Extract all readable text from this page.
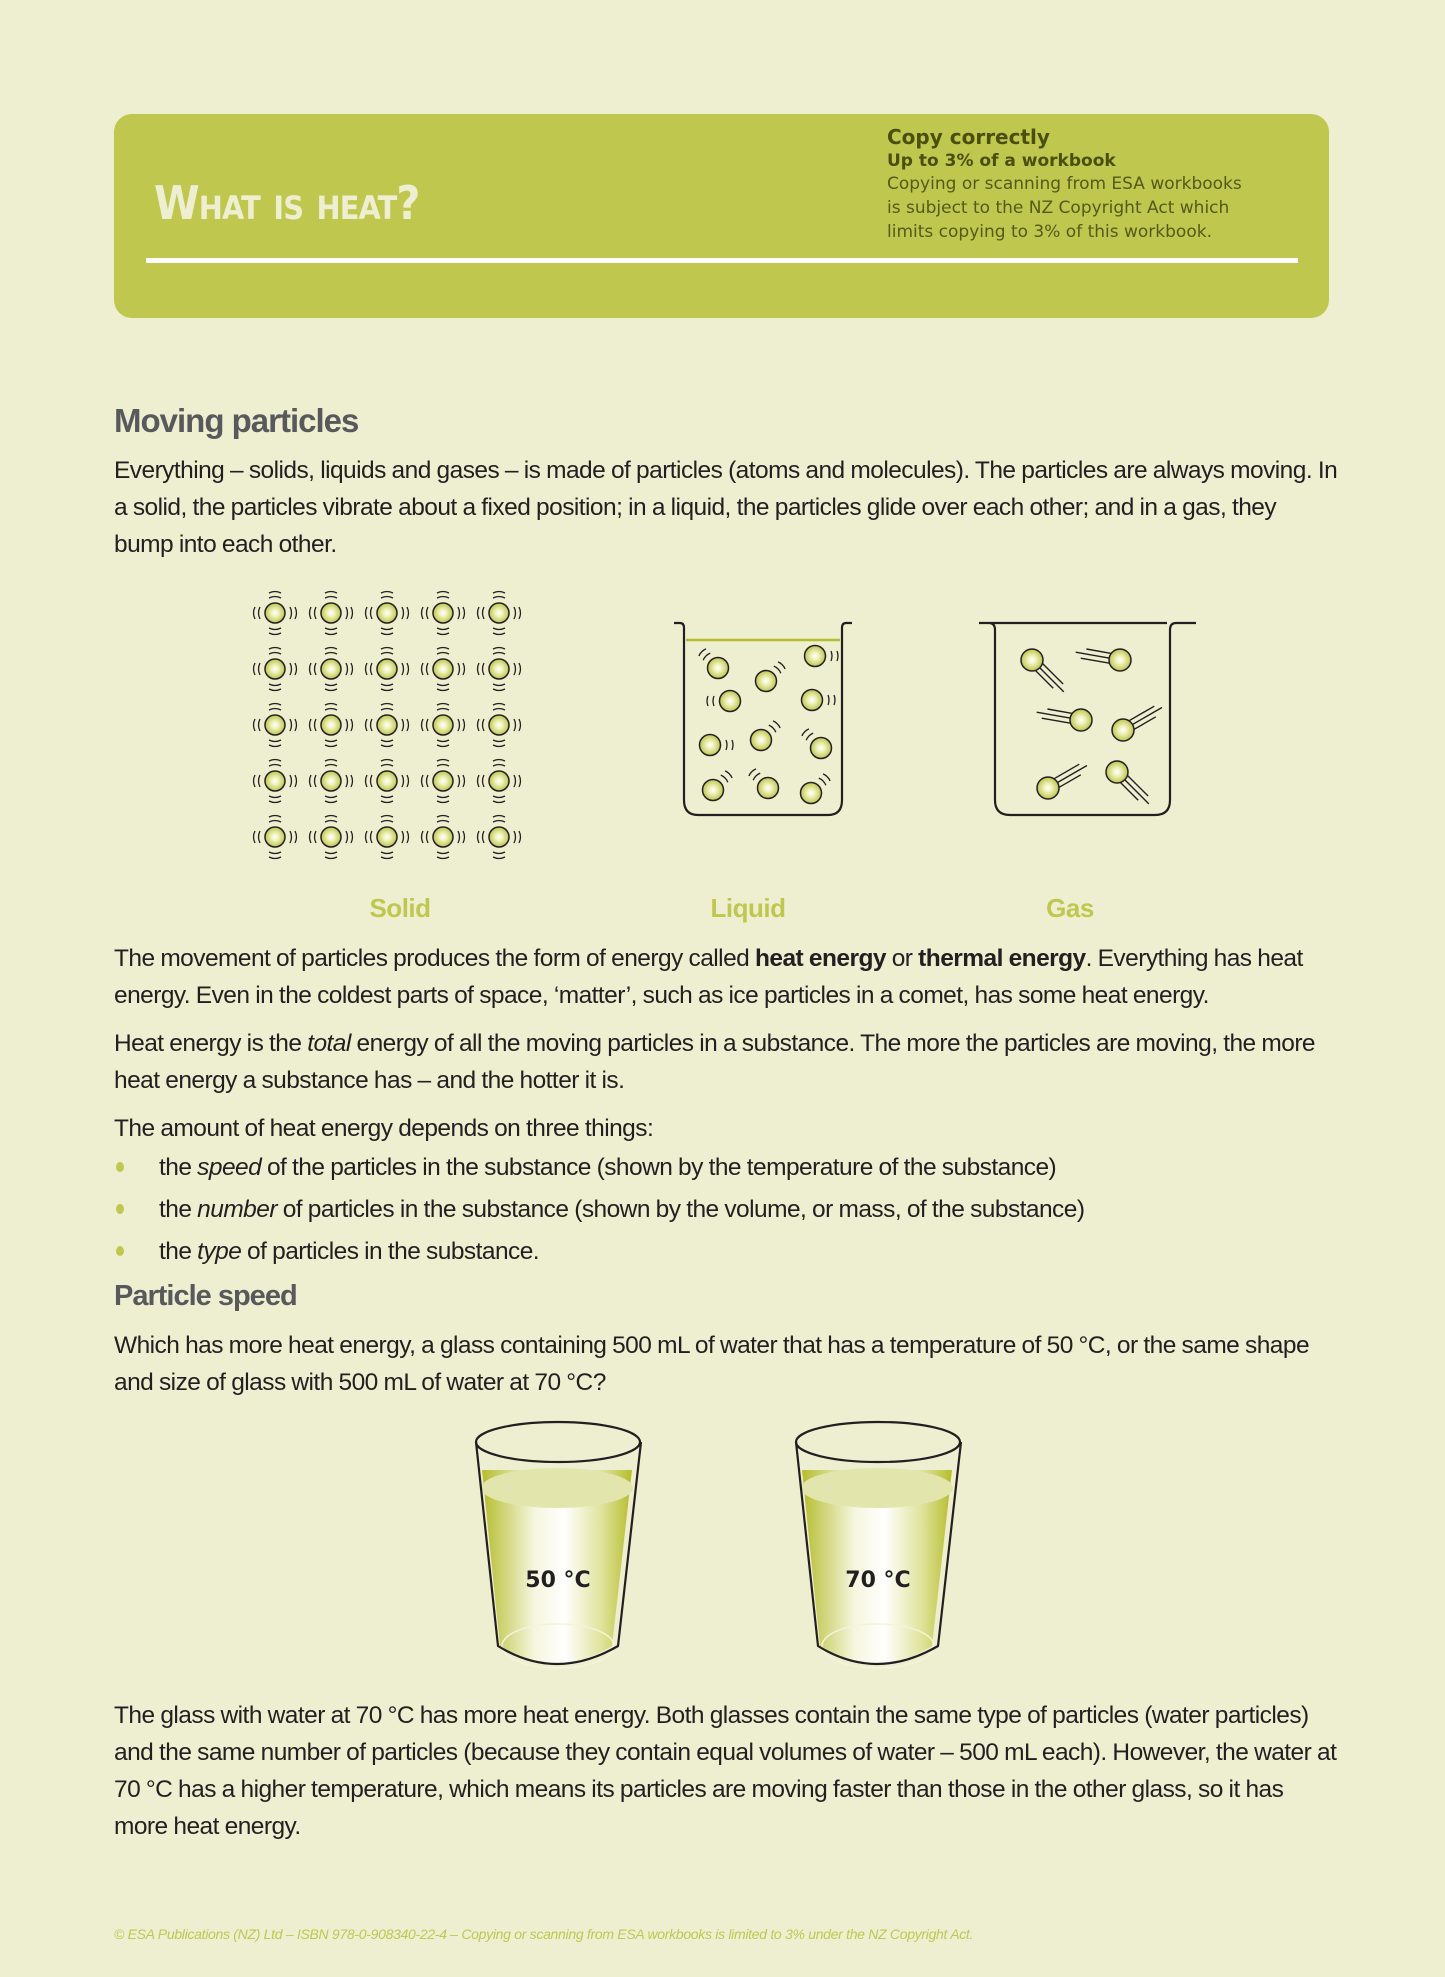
What is heat?
Copy correctly
Up to 3% of a workbook
Copying or scanning from ESA workbooks
is subject to the NZ Copyright Act which
limits copying to 3% of this workbook.
Moving particles

Everything – solids, liquids and gases – is made of particles (atoms and molecules). The particles are always moving. In a solid, the particles vibrate about a fixed position; in a liquid, the particles glide over each other; and in a gas, they bump into each other.

Solid	Liquid	Gas

The movement of particles produces the form of energy called heat energy or thermal energy. Everything has heat energy. Even in the coldest parts of space, ‘matter’, such as ice particles in a comet, has some heat energy.

Heat energy is the total energy of all the moving particles in a substance. The more the particles are moving, the more heat energy a substance has – and the hotter it is.

The amount of heat energy depends on three things:

the speed of the particles in the substance (shown by the temperature of the substance)
the number of particles in the substance (shown by the volume, or mass, of the substance)
the type of particles in the substance.
Particle speed

Which has more heat energy, a glass containing 500 mL of water that has a temperature of 50 °C, or the same shape and size of glass with 500 mL of water at 70 °C?

50 °C	70 °C

The glass with water at 70 °C has more heat energy. Both glasses contain the same type of particles (water particles) and the same number of particles (because they contain equal volumes of water – 500 mL each). However, the water at 70 °C has a higher temperature, which means its particles are moving faster than those in the other glass, so it has more heat energy.

© ESA Publications (NZ) Ltd – ISBN 978-0-908340-22-4 – Copying or scanning from ESA workbooks is limited to 3% under the NZ Copyright Act.
